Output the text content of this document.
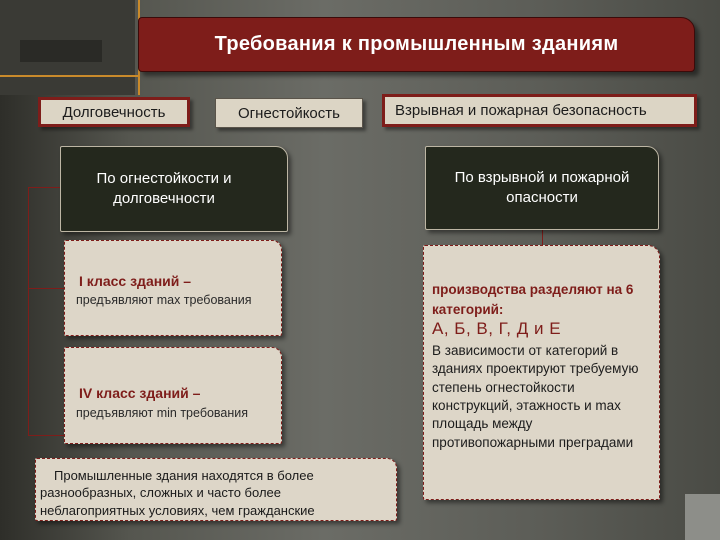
Требования к промышленным зданиям
Долговечность	Огнестойкость	Взрывная и пожарная безопасность
По огнестойкости и долговечности
I класс зданий –
предъявляют max требования
IV класс зданий –
предъявляют min требования
Промышленные здания находятся в более
разнообразных, сложных и часто более
неблагоприятных условиях, чем гражданские
По взрывной и пожарной опасности
производства разделяют на 6 категорий:
А, Б, В, Г, Д и Е
В зависимости от категорий в зданиях проектируют требуемую степень огнестойкости конструкций, этажность и max площадь между противопожарными преградами
